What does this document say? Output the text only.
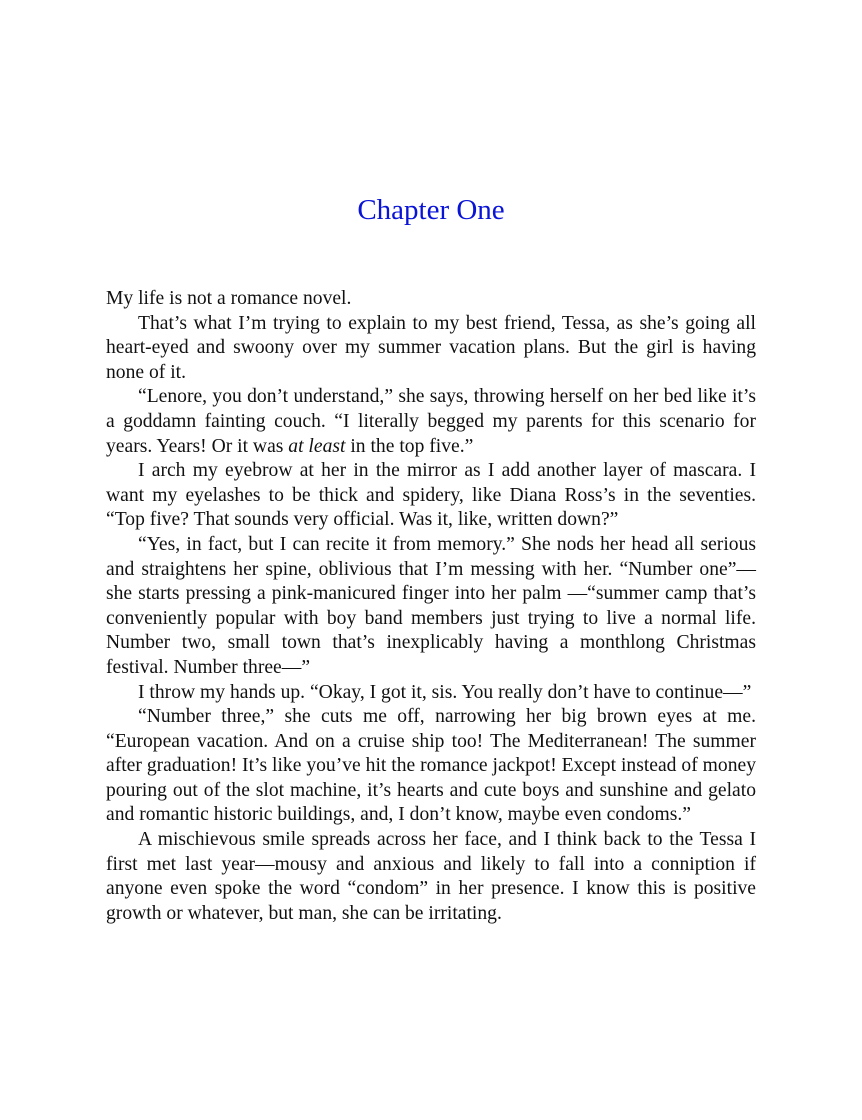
Chapter One

My life is not a romance novel.

That’s what I’m trying to explain to my best friend, Tessa, as she’s going all heart-eyed and swoony over my summer vacation plans. But the girl is having none of it.

“Lenore, you don’t understand,” she says, throwing herself on her bed like it’s a goddamn fainting couch. “I literally begged my parents for this scenario for years. Years! Or it was at least in the top five.”

I arch my eyebrow at her in the mirror as I add another layer of mascara. I want my eyelashes to be thick and spidery, like Diana Ross’s in the seventies. “Top five? That sounds very official. Was it, like, written down?”

“Yes, in fact, but I can recite it from memory.” She nods her head all serious and straightens her spine, oblivious that I’m messing with her. “Number one”—she starts pressing a pink-manicured finger into her palm —“summer camp that’s conveniently popular with boy band members just trying to live a normal life. Number two, small town that’s inexplicably having a monthlong Christmas festival. Number three—”

I throw my hands up. “Okay, I got it, sis. You really don’t have to continue—”

“Number three,” she cuts me off, narrowing her big brown eyes at me. “European vacation. And on a cruise ship too! The Mediterranean! The summer after graduation! It’s like you’ve hit the romance jackpot! Except instead of money pouring out of the slot machine, it’s hearts and cute boys and sunshine and gelato and romantic historic buildings, and, I don’t know, maybe even condoms.”

A mischievous smile spreads across her face, and I think back to the Tessa I first met last year—mousy and anxious and likely to fall into a conniption if anyone even spoke the word “condom” in her presence. I know this is positive growth or whatever, but man, she can be irritating.
